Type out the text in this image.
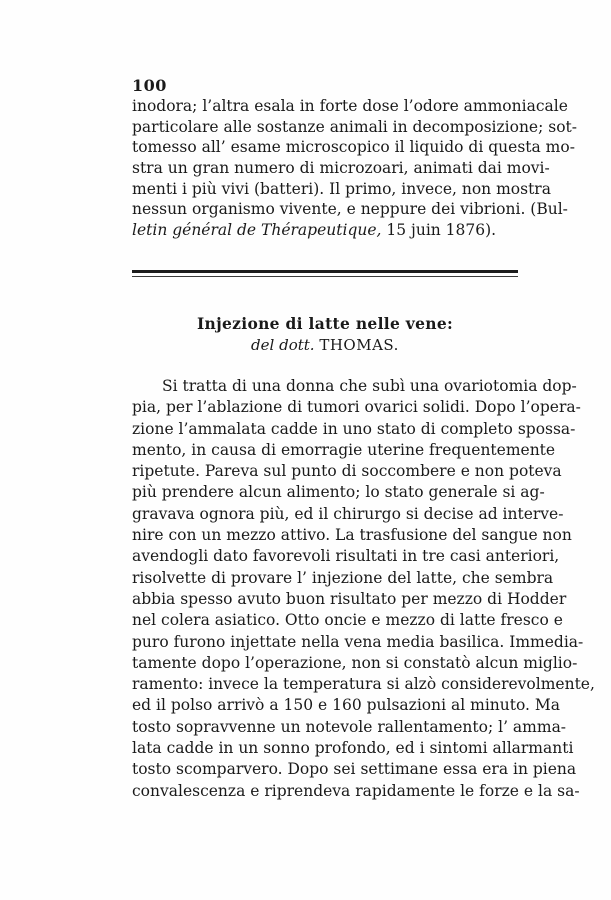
100
inodora; l’altra esala in forte dose l’odore ammoniacale
particolare alle sostanze animali in decomposizione; sot-
tomesso all’ esame microscopico il liquido di questa mo-
stra un gran numero di microzoari, animati dai movi-
menti i più vivi (batteri). Il primo, invece, non mostra
nessun organismo vivente, e neppure dei vibrioni. (Bul-
letin général de Thérapeutique, 15 juin 1876).
Injezione di latte nelle vene:
del dott. THOMAS.
Si tratta di una donna che subì una ovariotomia dop-
pia, per l’ablazione di tumori ovarici solidi. Dopo l’opera-
zione l’ammalata cadde in uno stato di completo spossa-
mento, in causa di emorragie uterine frequentemente
ripetute. Pareva sul punto di soccombere e non poteva
più prendere alcun alimento; lo stato generale si ag-
gravava ognora più, ed il chirurgo si decise ad interve-
nire con un mezzo attivo. La trasfusione del sangue non
avendogli dato favorevoli risultati in tre casi anteriori,
risolvette di provare l’ injezione del latte, che sembra
abbia spesso avuto buon risultato per mezzo di Hodder
nel colera asiatico. Otto oncie e mezzo di latte fresco e
puro furono injettate nella vena media basilica. Immedia-
tamente dopo l’operazione, non si constatò alcun miglio-
ramento: invece la temperatura si alzò considerevolmente,
ed il polso arrivò a 150 e 160 pulsazioni al minuto. Ma
tosto sopravvenne un notevole rallentamento; l’ amma-
lata cadde in un sonno profondo, ed i sintomi allarmanti
tosto scomparvero. Dopo sei settimane essa era in piena
convalescenza e riprendeva rapidamente le forze e la sa-
